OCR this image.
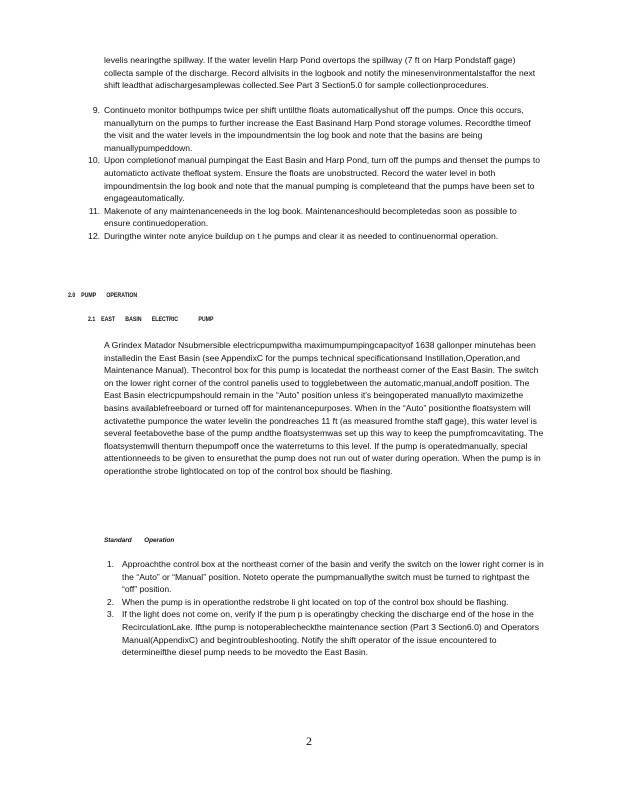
levelis nearingthe spillway. If the water levelin Harp Pond overtops the spillway (7 ft on Harp Pondstaff gage) collecta sample of the discharge. Record allvisits in the logbook and notify the minesenvironmentalstaffor the next shift leadthat adischargesamplewas collected.See Part 3 Section5.0 for sample collectionprocedures.

9. Continueto monitor bothpumps twice per shift untilthe floats automaticallyshut off the pumps. Once this occurs, manuallyturn on the pumps to further increase the East Basinand Harp Pond storage volumes. Recordthe timeof the visit and the water levels in the impoundmentsin the log book and note that the basins are being manuallypumpeddown.
10. Upon completionof manual pumpingat the East Basin and Harp Pond, turn off the pumps and thenset the pumps to automaticto activate thefloat system. Ensure the floats are unobstructed. Record the water level in both impoundmentsin the log book and note that the manual pumping is completeand that the pumps have been set to engageautomatically.
11. Makenote of any maintenanceneeds in the log book. Maintenanceshould becompletedas soon as possible to ensure continuedoperation.
12. Duringthe winter note anyice buildup on t he pumps and clear it as needed to continuenormal operation.
2.0 PUMP       OPERATION
2.1 EAST       BASIN       ELECTRIC              PUMP

A Grindex Matador Nsubmersible electricpumpwitha maximumpumpingcapacityof 1638 gallonper minutehas been installedin the East Basin (see AppendixC for the pumps technical specificationsand Instillation,Operation,and Maintenance Manual). Thecontrol box for this pump is locatedat the northeast corner of the East Basin. The switch on the lower right corner of the control panelis used to togglebetween the automatic,manual,andoff position. The East Basin electricpumpshould remain in the “Auto” position unless it's beingoperated manuallyto maximizethe basins availablefreeboard or turned off for maintenancepurposes. When in the “Auto” positionthe floatsystem will activatethe pumponce the water levelin the pondreaches 11 ft (as measured fromthe staff gage), this water level is several feetabovethe base of the pump andthe floatsystemwas set up this way to keep the pumpfromcavitating. The floatsystemwill thenturn thepumpoff once the waterreturns to this level. If the pump is operatedmanually, special attentionneeds to be given to ensurethat the pump does not run out of water during operation. When the pump is in operationthe strobe lightlocated on top of the control box should be flashing.

Standard       Operation
1. Approachthe control box at the northeast corner of the basin and verify the switch on the lower right corner is in the “Auto” or “Manual” position. Noteto operate the pumpmanuallythe switch must be turned to rightpast the “off” position.
2. When the pump is in operationthe redstrobe li ght located on top of the control box should be flashing.
3. If the light does not come on, verify if the pum p is operatingby checking the discharge end of the hose in the RecirculationLake. Ifthe pump is notoperablecheckthe maintenance section (Part 3 Section6.0) and Operators Manual(AppendixC) and begintroubleshooting. Notify the shift operator of the issue encountered to determineifthe diesel pump needs to be movedto the East Basin.
2
